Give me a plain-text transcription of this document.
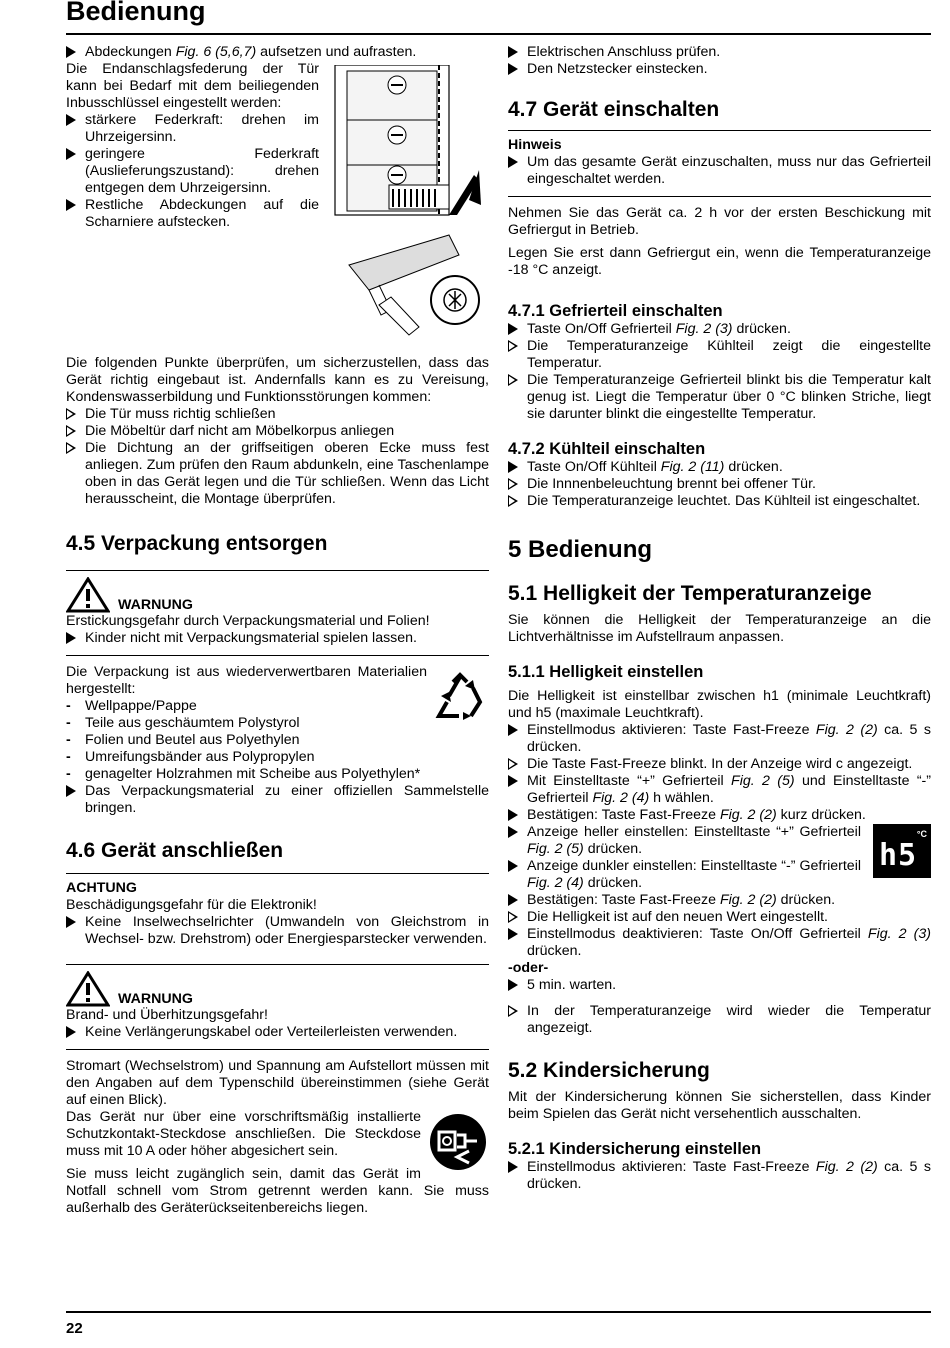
Bedienung

Abdeckungen Fig. 6 (5,6,7) aufsetzen und aufrasten.

Die Endanschlagsfederung der Tür kann bei Bedarf mit dem beiliegenden Inbusschlüssel eingestellt werden:

stärkere Federkraft: drehen im Uhrzeigersinn.

geringere Federkraft (Auslieferungszustand): drehen entgegen dem Uhrzeigersinn.

Restliche Abdeckungen auf die Scharniere aufstecken.

Die folgenden Punkte überprüfen, um sicherzustellen, dass das Gerät richtig eingebaut ist. Andernfalls kann es zu Vereisung, Kondenswasserbildung und Funktionsstörungen kommen:

Die Tür muss richtig schließen

Die Möbeltür darf nicht am Möbelkorpus anliegen

Die Dichtung an der griffseitigen oberen Ecke muss fest anliegen. Zum prüfen den Raum abdunkeln, eine Taschenlampe oben in das Gerät legen und die Tür schließen. Wenn das Licht herausscheint, die Montage überprüfen.

4.5 Verpackung entsorgen

WARNUNG

Erstickungsgefahr durch Verpackungsmaterial und Folien!

Kinder nicht mit Verpackungsmaterial spielen lassen.

Die Verpackung ist aus wiederverwertbaren Materialien hergestellt:

- Wellpappe/Pappe

- Teile aus geschäumtem Polystyrol

- Folien und Beutel aus Polyethylen

- Umreifungsbänder aus Polypropylen

- genagelter Holzrahmen mit Scheibe aus Polyethylen*

Das Verpackungsmaterial zu einer offiziellen Sammelstelle bringen.

4.6 Gerät anschließen

ACHTUNG

Beschädigungsgefahr für die Elektronik!

Keine Inselwechselrichter (Umwandeln von Gleichstrom in Wechsel- bzw. Drehstrom) oder Energiesparstecker verwenden.

WARNUNG

Brand- und Überhitzungsgefahr!

Keine Verlängerungskabel oder Verteilerleisten verwenden.

Stromart (Wechselstrom) und Spannung am Aufstellort müssen mit den Angaben auf dem Typenschild übereinstimmen (siehe Gerät auf einen Blick).

Das Gerät nur über eine vorschriftsmäßig installierte Schutzkontakt-Steckdose anschließen. Die Steckdose muss mit 10 A oder höher abgesichert sein.

Sie muss leicht zugänglich sein, damit das Gerät im Notfall schnell vom Strom getrennt werden kann. Sie muss außerhalb des Geräterückseitenbereichs liegen.

Elektrischen Anschluss prüfen.

Den Netzstecker einstecken.

4.7 Gerät einschalten

Hinweis

Um das gesamte Gerät einzuschalten, muss nur das Gefrierteil eingeschaltet werden.

Nehmen Sie das Gerät ca. 2 h vor der ersten Beschickung mit Gefriergut in Betrieb.

Legen Sie erst dann Gefriergut ein, wenn die Temperaturanzeige -18 °C anzeigt.

4.7.1 Gefrierteil einschalten

Taste On/Off Gefrierteil Fig. 2 (3) drücken.

Die Temperaturanzeige Kühlteil zeigt die eingestellte Temperatur.

Die Temperaturanzeige Gefrierteil blinkt bis die Temperatur kalt genug ist. Liegt die Temperatur über 0 °C blinken Striche, liegt sie darunter blinkt die eingestellte Temperatur.

4.7.2 Kühlteil einschalten

Taste On/Off Kühlteil Fig. 2 (11) drücken.

Die Innnenbeleuchtung brennt bei offener Tür.

Die Temperaturanzeige leuchtet. Das Kühlteil ist eingeschaltet.

5 Bedienung

5.1 Helligkeit der Temperaturanzeige

Sie können die Helligkeit der Temperaturanzeige an die Lichtverhältnisse im Aufstellraum anpassen.

5.1.1 Helligkeit einstellen

Die Helligkeit ist einstellbar zwischen h1 (minimale Leuchtkraft) und h5 (maximale Leuchtkraft).

Einstellmodus aktivieren: Taste Fast-Freeze Fig. 2 (2) ca. 5 s drücken.

Die Taste Fast-Freeze blinkt. In der Anzeige wird c angezeigt.

Mit Einstelltaste “+” Gefrierteil Fig. 2 (5) und Einstelltaste “-” Gefrierteil Fig. 2 (4) h wählen.

Bestätigen: Taste Fast-Freeze Fig. 2 (2) kurz drücken.

°C
h5

Anzeige heller einstellen: Einstelltaste “+” Gefrierteil Fig. 2 (5) drücken.

Anzeige dunkler einstellen: Einstelltaste “-” Gefrierteil Fig. 2 (4) drücken.

Bestätigen: Taste Fast-Freeze Fig. 2 (2) drücken.

Die Helligkeit ist auf den neuen Wert eingestellt.

Einstellmodus deaktivieren: Taste On/Off Gefrierteil Fig. 2 (3) drücken.

-oder-

5 min. warten.

In der Temperaturanzeige wird wieder die Temperatur angezeigt.

5.2 Kindersicherung

Mit der Kindersicherung können Sie sicherstellen, dass Kinder beim Spielen das Gerät nicht versehentlich ausschalten.

5.2.1 Kindersicherung einstellen

Einstellmodus aktivieren: Taste Fast-Freeze Fig. 2 (2) ca. 5 s drücken.

22
